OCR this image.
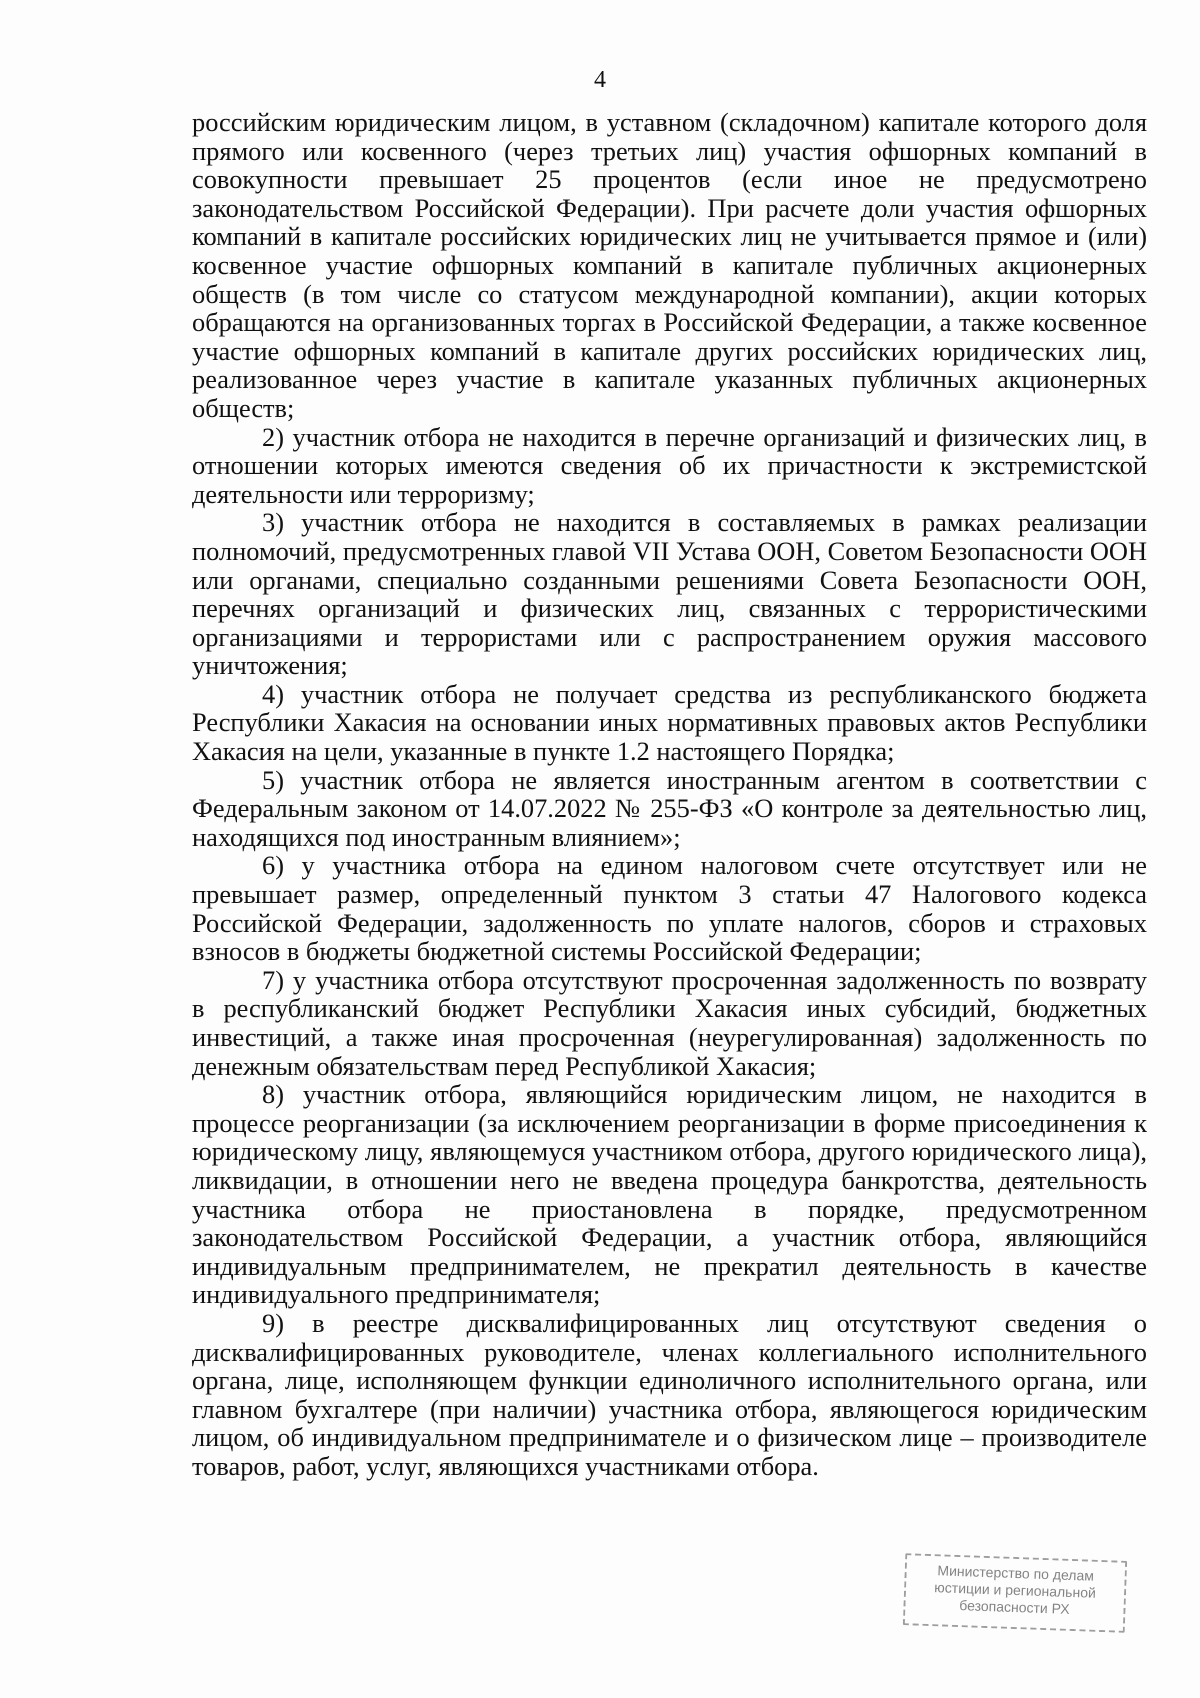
4

российским юридическим лицом, в уставном (складочном) капитале которого доля прямого или косвенного (через третьих лиц) участия офшорных компаний в совокупности превышает 25 процентов (если иное не предусмотрено законодательством Российской Федерации). При расчете доли участия офшорных компаний в капитале российских юридических лиц не учитывается прямое и (или) косвенное участие офшорных компаний в капитале публичных акционерных обществ (в том числе со статусом международной компании), акции которых обращаются на организованных торгах в Российской Федерации, а также косвенное участие офшорных компаний в капитале других российских юридических лиц, реализованное через участие в капитале указанных публичных акционерных обществ;

2) участник отбора не находится в перечне организаций и физических лиц, в отношении которых имеются сведения об их причастности к экстремистской деятельности или терроризму;

3) участник отбора не находится в составляемых в рамках реализации полномочий, предусмотренных главой VII Устава ООН, Советом Безопасности ООН или органами, специально созданными решениями Совета Безопасности ООН, перечнях организаций и физических лиц, связанных с террористическими организациями и террористами или с распространением оружия массового уничтожения;

4) участник отбора не получает средства из республиканского бюджета Республики Хакасия на основании иных нормативных правовых актов Республики Хакасия на цели, указанные в пункте 1.2 настоящего Порядка;

5) участник отбора не является иностранным агентом в соответствии с Федеральным законом от 14.07.2022 № 255-ФЗ «О контроле за деятельностью лиц, находящихся под иностранным влиянием»;

6) у участника отбора на едином налоговом счете отсутствует или не превышает размер, определенный пунктом 3 статьи 47 Налогового кодекса Российской Федерации, задолженность по уплате налогов, сборов и страховых взносов в бюджеты бюджетной системы Российской Федерации;

7) у участника отбора отсутствуют просроченная задолженность по возврату в республиканский бюджет Республики Хакасия иных субсидий, бюджетных инвестиций, а также иная просроченная (неурегулированная) задолженность по денежным обязательствам перед Республикой Хакасия;

8) участник отбора, являющийся юридическим лицом, не находится в процессе реорганизации (за исключением реорганизации в форме присоединения к юридическому лицу, являющемуся участником отбора, другого юридического лица), ликвидации, в отношении него не введена процедура банкротства, деятельность участника отбора не приостановлена в порядке, предусмотренном законодательством Российской Федерации, а участник отбора, являющийся индивидуальным предпринимателем, не прекратил деятельность в качестве индивидуального предпринимателя;

9) в реестре дисквалифицированных лиц отсутствуют сведения о дисквалифицированных руководителе, членах коллегиального исполнительного органа, лице, исполняющем функции единоличного исполнительного органа, или главном бухгалтере (при наличии) участника отбора, являющегося юридическим лицом, об индивидуальном предпринимателе и о физическом лице – производителе товаров, работ, услуг, являющихся участниками отбора.

Министерство по делам
юстиции и региональной
безопасности РХ
